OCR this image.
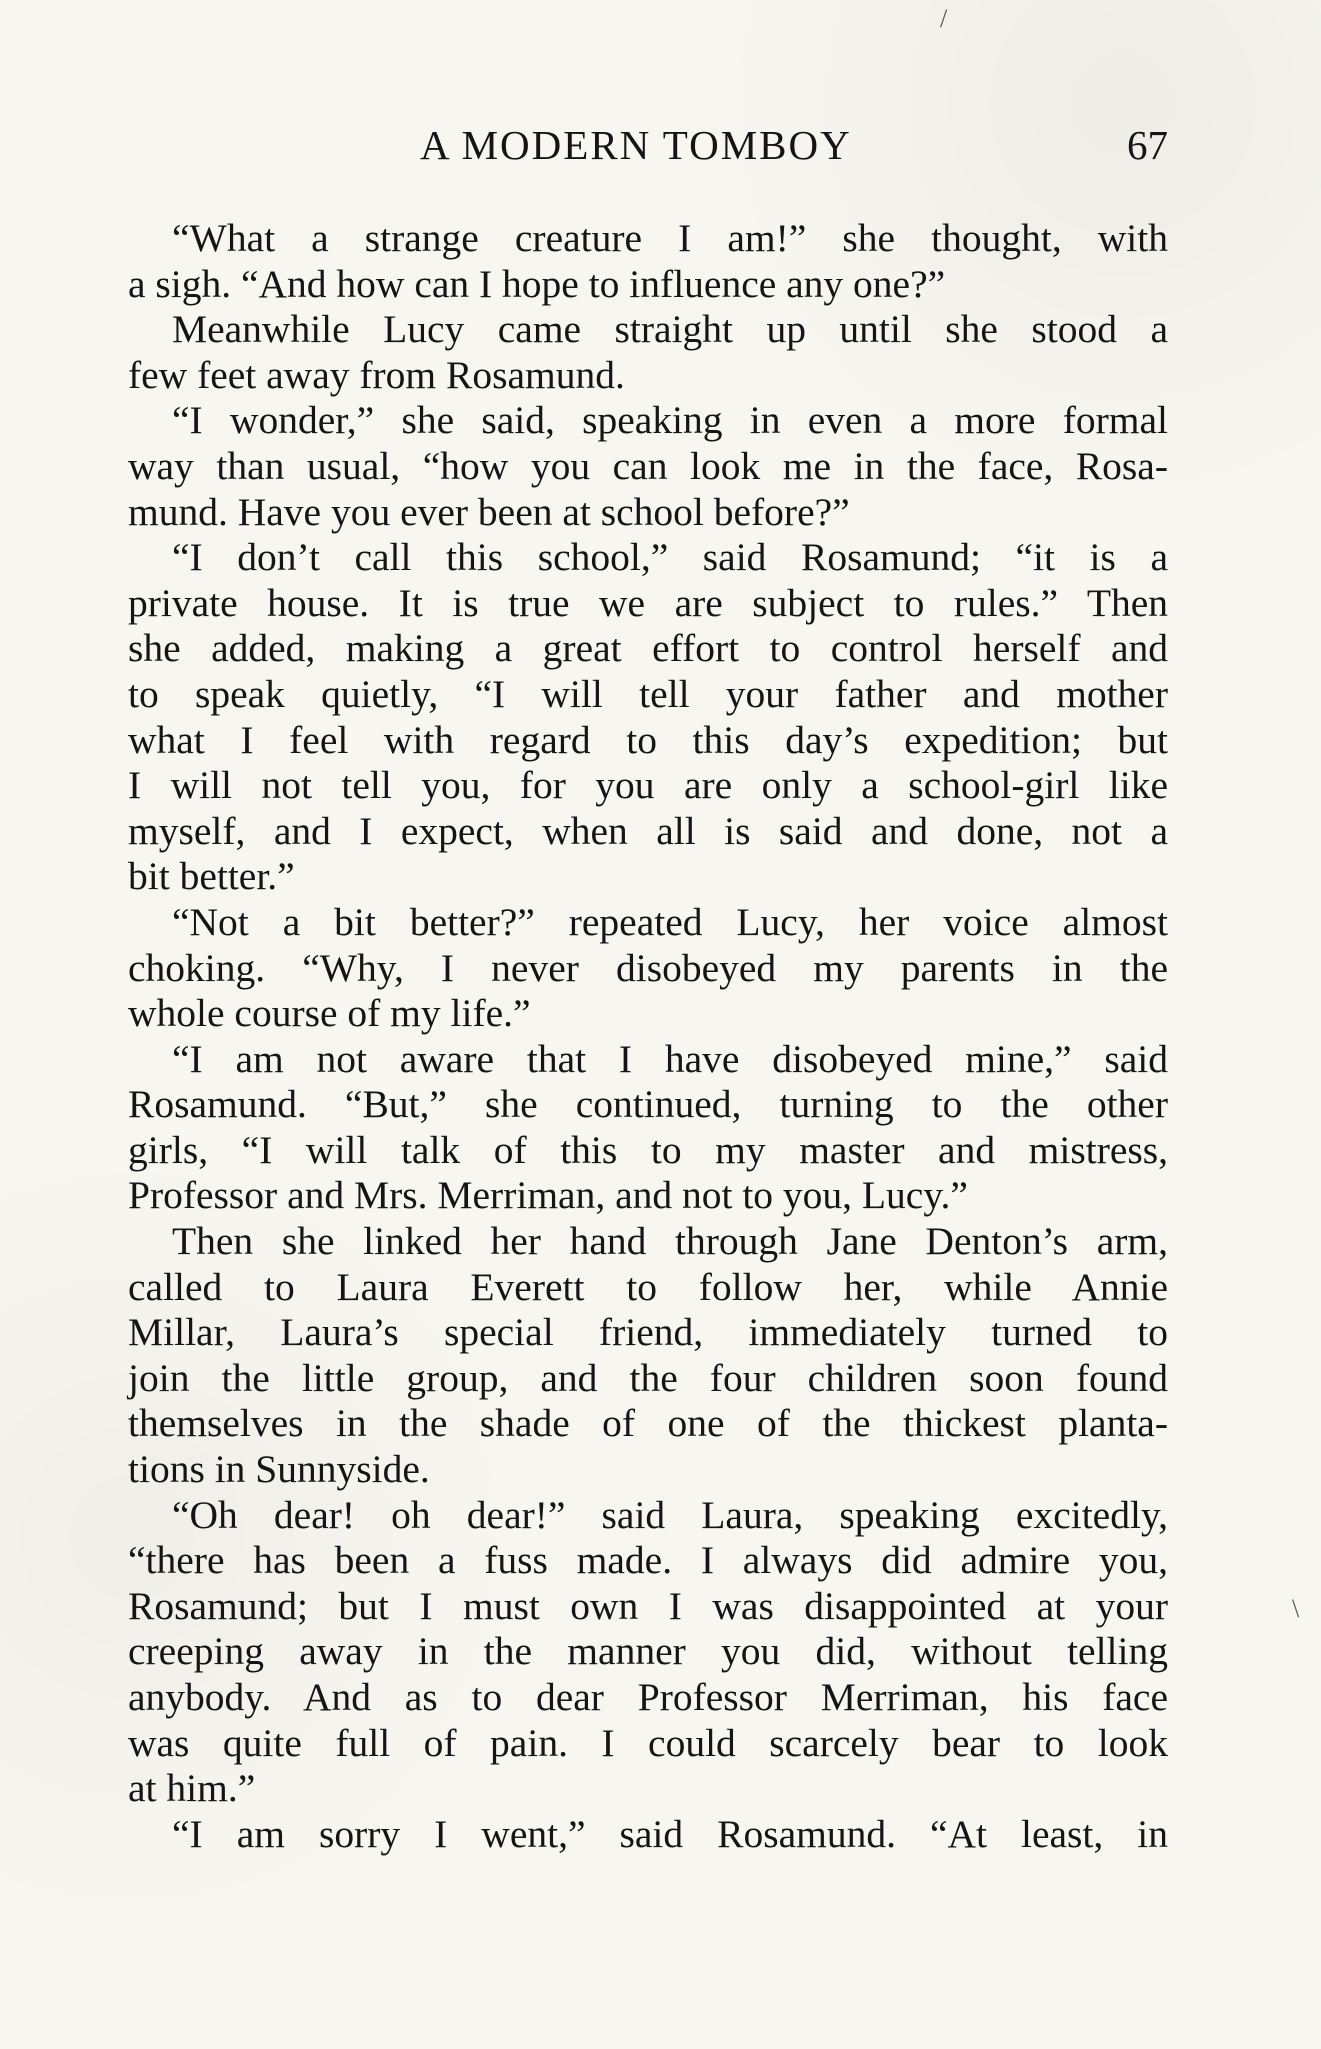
/
\
A MODERN TOMBOY	67
“What a strange creature I am!” she thought, with
a sigh. “And how can I hope to influence any one?”
Meanwhile Lucy came straight up until she stood a
few feet away from Rosamund.
“I wonder,” she said, speaking in even a more formal
way than usual, “how you can look me in the face, Rosa-
mund. Have you ever been at school before?”
“I don’t call this school,” said Rosamund; “it is a
private house. It is true we are subject to rules.” Then
she added, making a great effort to control herself and
to speak quietly, “I will tell your father and mother
what I feel with regard to this day’s expedition; but
I will not tell you, for you are only a school-girl like
myself, and I expect, when all is said and done, not a
bit better.”
“Not a bit better?” repeated Lucy, her voice almost
choking. “Why, I never disobeyed my parents in the
whole course of my life.”
“I am not aware that I have disobeyed mine,” said
Rosamund. “But,” she continued, turning to the other
girls, “I will talk of this to my master and mistress,
Professor and Mrs. Merriman, and not to you, Lucy.”
Then she linked her hand through Jane Denton’s arm,
called to Laura Everett to follow her, while Annie
Millar, Laura’s special friend, immediately turned to
join the little group, and the four children soon found
themselves in the shade of one of the thickest planta-
tions in Sunnyside.
“Oh dear! oh dear!” said Laura, speaking excitedly,
“there has been a fuss made. I always did admire you,
Rosamund; but I must own I was disappointed at your
creeping away in the manner you did, without telling
anybody. And as to dear Professor Merriman, his face
was quite full of pain. I could scarcely bear to look
at him.”
“I am sorry I went,” said Rosamund. “At least, in
